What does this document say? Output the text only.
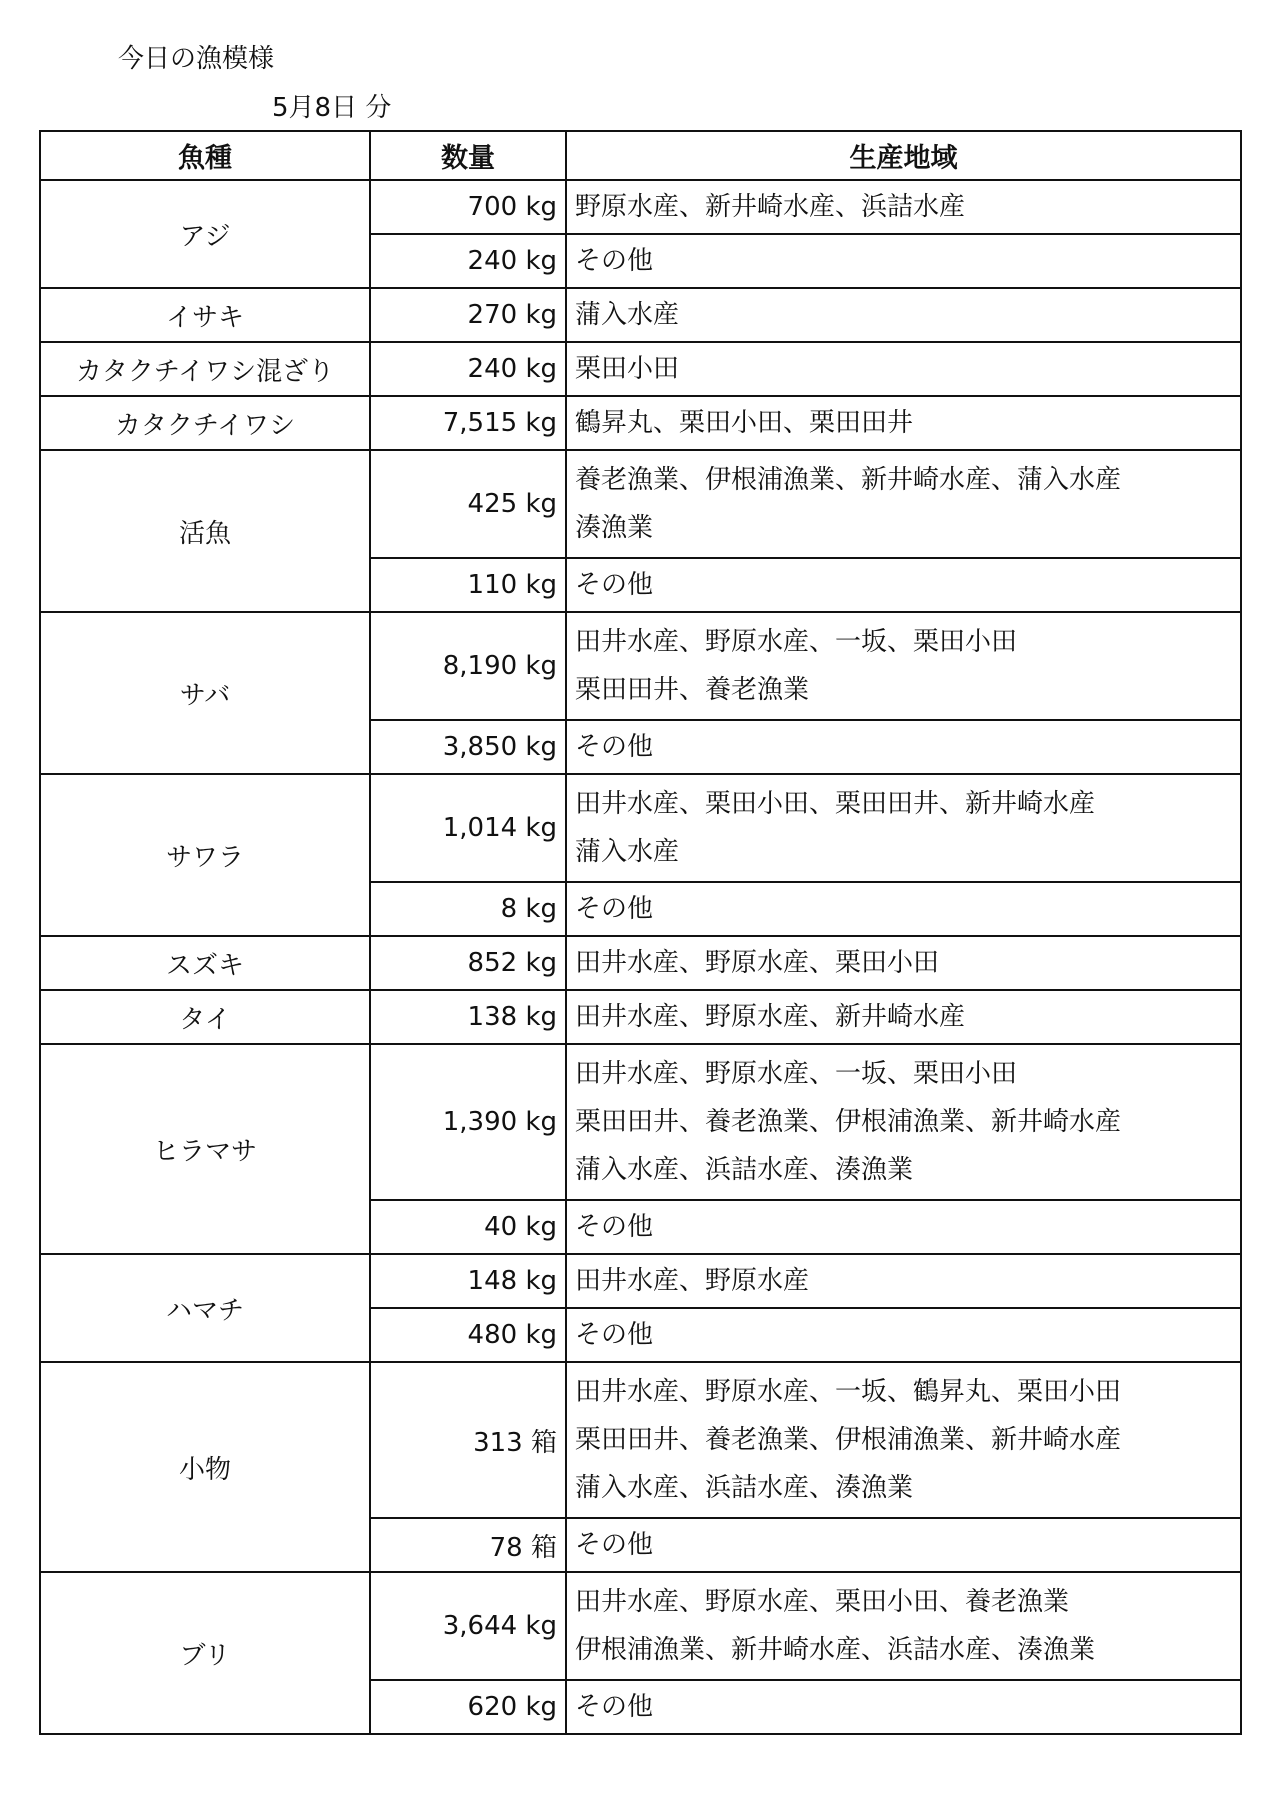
今日の漁模様
5月8日 分
魚種	数量	生産地域
アジ	700 kg	野原水産、新井崎水産、浜詰水産

	240 kg	その他

イサキ	270 kg	蒲入水産

カタクチイワシ混ざり	240 kg	栗田小田

カタクチイワシ	7,515 kg	鶴昇丸、栗田小田、栗田田井

活魚	425 kg	養老漁業、伊根浦漁業、新井崎水産、蒲入水産
湊漁業

	110 kg	その他

サバ	8,190 kg	田井水産、野原水産、一坂、栗田小田
栗田田井、養老漁業

	3,850 kg	その他

サワラ	1,014 kg	田井水産、栗田小田、栗田田井、新井崎水産
蒲入水産

	8 kg	その他

スズキ	852 kg	田井水産、野原水産、栗田小田

タイ	138 kg	田井水産、野原水産、新井崎水産

ヒラマサ	1,390 kg	田井水産、野原水産、一坂、栗田小田
栗田田井、養老漁業、伊根浦漁業、新井崎水産
蒲入水産、浜詰水産、湊漁業

	40 kg	その他

ハマチ	148 kg	田井水産、野原水産

	480 kg	その他

小物	313 箱	田井水産、野原水産、一坂、鶴昇丸、栗田小田
栗田田井、養老漁業、伊根浦漁業、新井崎水産
蒲入水産、浜詰水産、湊漁業

	78 箱	その他

ブリ	3,644 kg	田井水産、野原水産、栗田小田、養老漁業
伊根浦漁業、新井崎水産、浜詰水産、湊漁業

	620 kg	その他
